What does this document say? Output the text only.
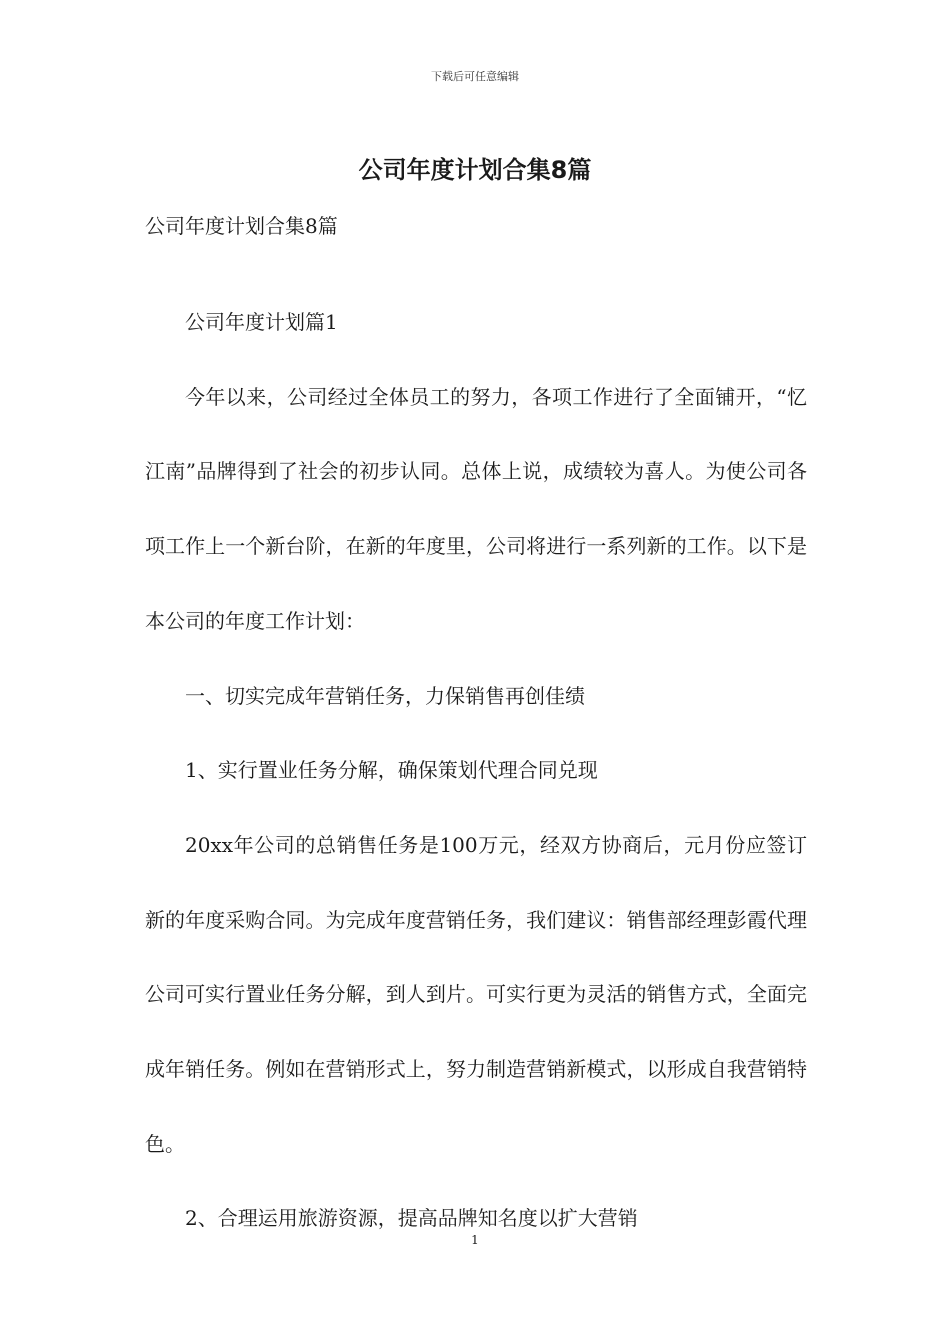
下载后可任意编辑
公司年度计划合集8篇
公司年度计划合集8篇

公司年度计划篇1

今年以来，公司经过全体员工的努力，各项工作进行了全面铺开，“忆江南”品牌得到了社会的初步认同。总体上说，成绩较为喜人。为使公司各项工作上一个新台阶，在新的年度里，公司将进行一系列新的工作。以下是本公司的年度工作计划：

一、切实完成年营销任务，力保销售再创佳绩

1、实行置业任务分解，确保策划代理合同兑现

20xx年公司的总销售任务是100万元，经双方协商后，元月份应签订新的年度采购合同。为完成年度营销任务，我们建议：销售部经理彭霞代理公司可实行置业任务分解，到人到片。可实行更为灵活的销售方式，全面完成年销任务。例如在营销形式上，努力制造营销新模式，以形成自我营销特色。

2、合理运用旅游资源，提高品牌知名度以扩大营销

1
